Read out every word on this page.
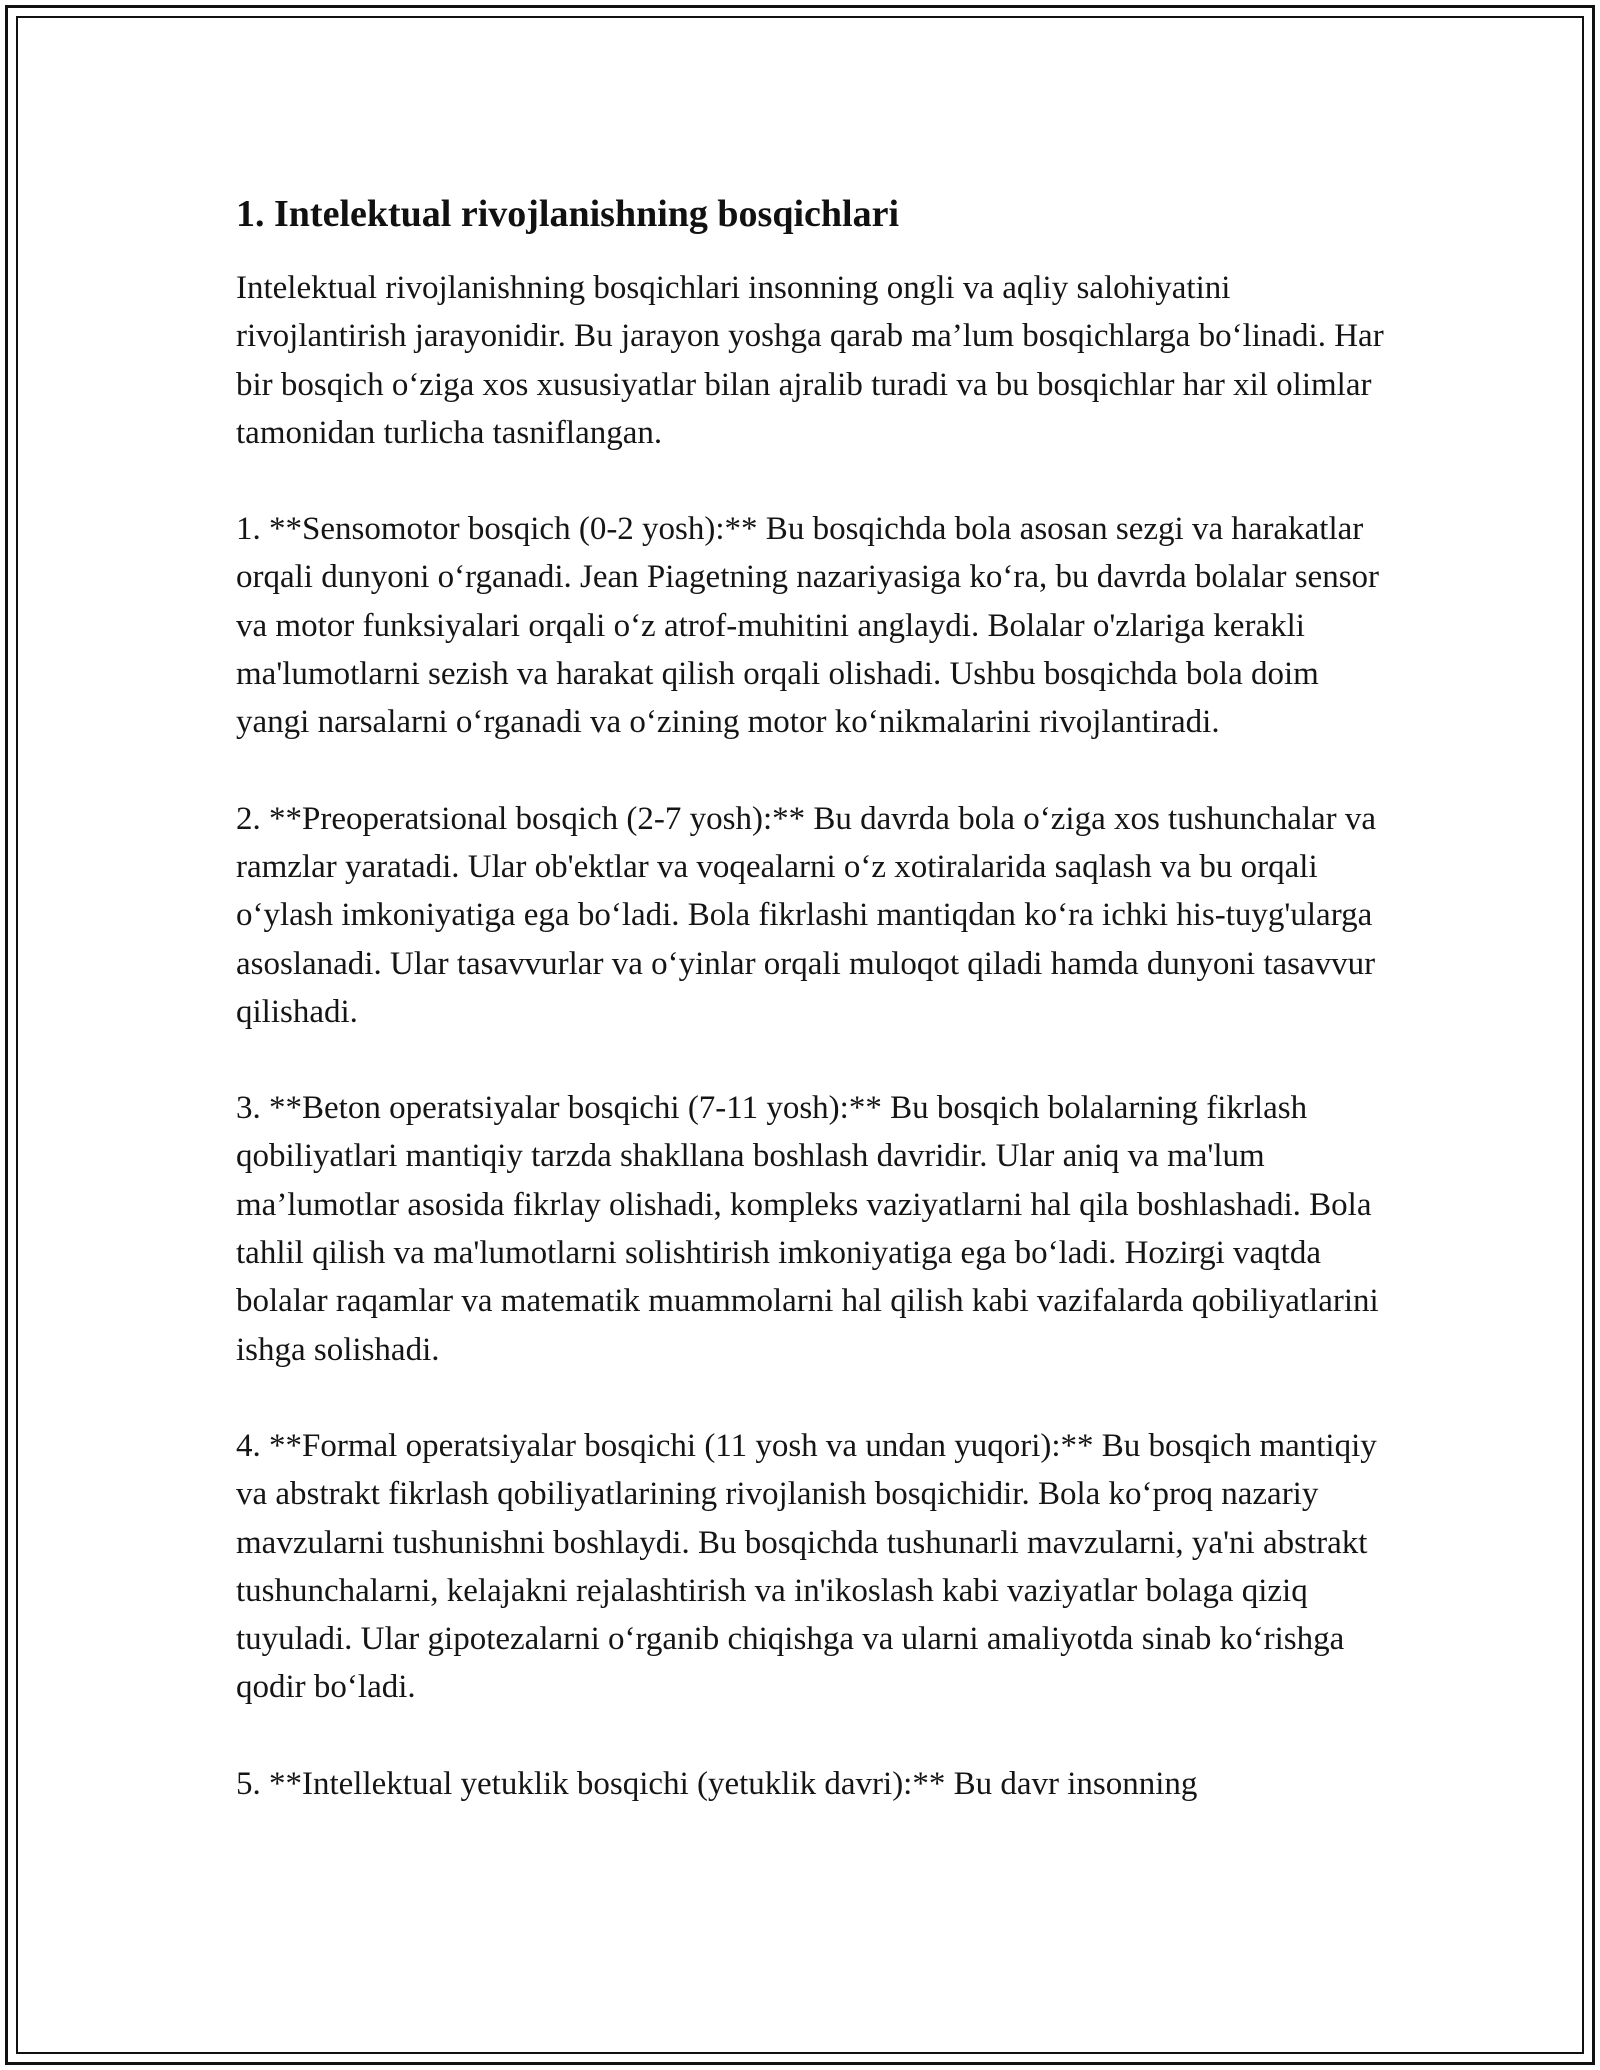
1. Intelektual rivojlanishning bosqichlari

Intelektual rivojlanishning bosqichlari insonning ongli va aqliy salohiyatini rivojlantirish jarayonidir. Bu jarayon yoshga qarab ma’lum bosqichlarga bo‘linadi. Har bir bosqich o‘ziga xos xususiyatlar bilan ajralib turadi va bu bosqichlar har xil olimlar tamonidan turlicha tasniflangan.

1. **Sensomotor bosqich (0-2 yosh):** Bu bosqichda bola asosan sezgi va harakatlar orqali dunyoni o‘rganadi. Jean Piagetning nazariyasiga ko‘ra, bu davrda bolalar sensor va motor funksiyalari orqali o‘z atrof-muhitini anglaydi. Bolalar o'zlariga kerakli ma'lumotlarni sezish va harakat qilish orqali olishadi. Ushbu bosqichda bola doim yangi narsalarni o‘rganadi va o‘zining motor ko‘nikmalarini rivojlantiradi.

2. **Preoperatsional bosqich (2-7 yosh):** Bu davrda bola o‘ziga xos tushunchalar va ramzlar yaratadi. Ular ob'ektlar va voqealarni o‘z xotiralarida saqlash va bu orqali o‘ylash imkoniyatiga ega bo‘ladi. Bola fikrlashi mantiqdan ko‘ra ichki his-tuyg'ularga asoslanadi. Ular tasavvurlar va o‘yinlar orqali muloqot qiladi hamda dunyoni tasavvur qilishadi.

3. **Beton operatsiyalar bosqichi (7-11 yosh):** Bu bosqich bolalarning fikrlash qobiliyatlari mantiqiy tarzda shakllana boshlash davridir. Ular aniq va ma'lum ma’lumotlar asosida fikrlay olishadi, kompleks vaziyatlarni hal qila boshlashadi. Bola tahlil qilish va ma'lumotlarni solishtirish imkoniyatiga ega bo‘ladi. Hozirgi vaqtda bolalar raqamlar va matematik muammolarni hal qilish kabi vazifalarda qobiliyatlarini ishga solishadi.

4. **Formal operatsiyalar bosqichi (11 yosh va undan yuqori):** Bu bosqich mantiqiy va abstrakt fikrlash qobiliyatlarining rivojlanish bosqichidir. Bola ko‘proq nazariy mavzularni tushunishni boshlaydi. Bu bosqichda tushunarli mavzularni, ya'ni abstrakt tushunchalarni, kelajakni rejalashtirish va in'ikoslash kabi vaziyatlar bolaga qiziq tuyuladi. Ular gipotezalarni o‘rganib chiqishga va ularni amaliyotda sinab ko‘rishga qodir bo‘ladi.

5. **Intellektual yetuklik bosqichi (yetuklik davri):** Bu davr insonning
